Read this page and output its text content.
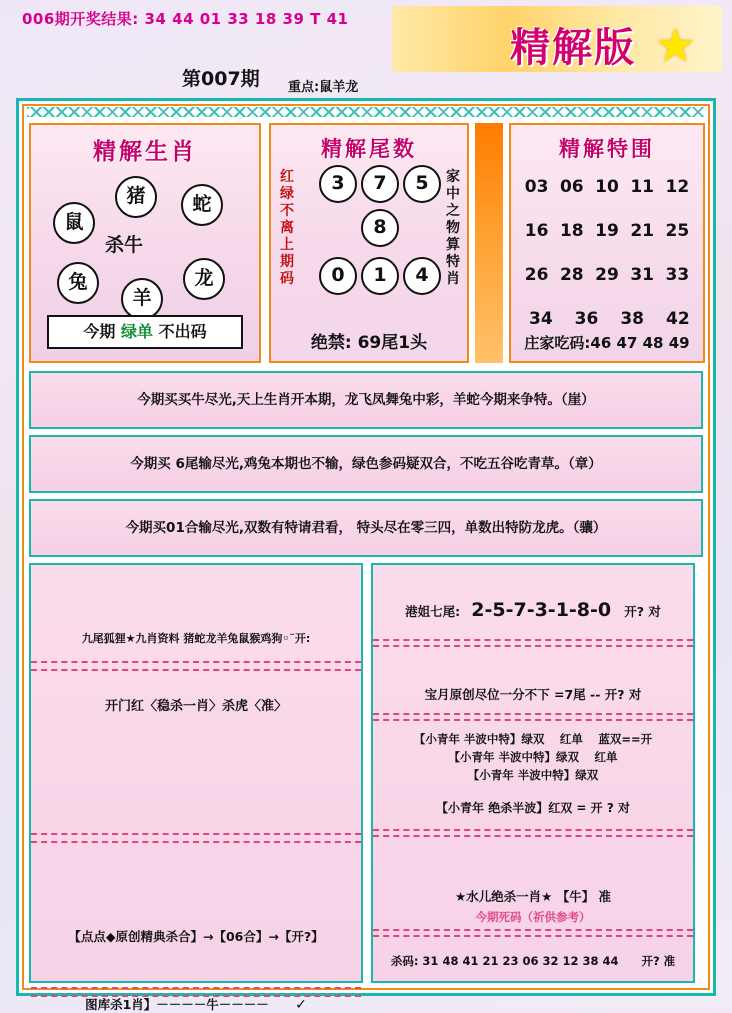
006期开奖结果: 34 44 01 33 18 39 T 41
精解版 ★
第007期 重点:鼠羊龙
精解生肖
鼠
猪	蛇
杀牛
兔
羊
龙
今期 绿单 不出码
精解尾数
红
绿
不
离
上
期
码
家
中
之
物
算
特
肖
3	7	5
8
0	1	4
绝禁: 69尾1头
精解特围
03 06 10 11 12
16 18 19 21 25
26 28 29 31 33
34 36 38 42
庄家吃码:46 47 48 49
今期买买牛尽光,天上生肖开本期，龙飞凤舞兔中彩，羊蛇今期来争特。（崖）
今期买 6尾输尽光,鸡兔本期也不输，绿色参码疑双合，不吃五谷吃青草。（章）
今期买01合输尽光,双数有特请君看， 特头尽在零三四，单数出特防龙虎。（骧）
九尾狐狸★九肖资料 猪蛇龙羊兔鼠猴鸡狗◦¨开:
开门红〈稳杀一肖〉杀虎〈准〉
【点点◆原创精典杀合】→【06合】→【开?】
图库杀1肖】－－－－牛－－－－ ✓
港姐七尾: 2-5-7-3-1-8-0 开? 对
宝月原创尽位一分不下 =7尾 -- 开? 对
【小青年 半波中特】绿双 　红单 　蓝双==开
【小青年 半波中特】绿双 　红单
【小青年 半波中特】绿双
【小青年 绝杀半波】红双 = 开 ? 对
★水儿绝杀一肖★ 【牛】 准
今期死码（祈供参考）
杀码: 31 48 41 21 23 06 32 12 38 44　　开? 准
